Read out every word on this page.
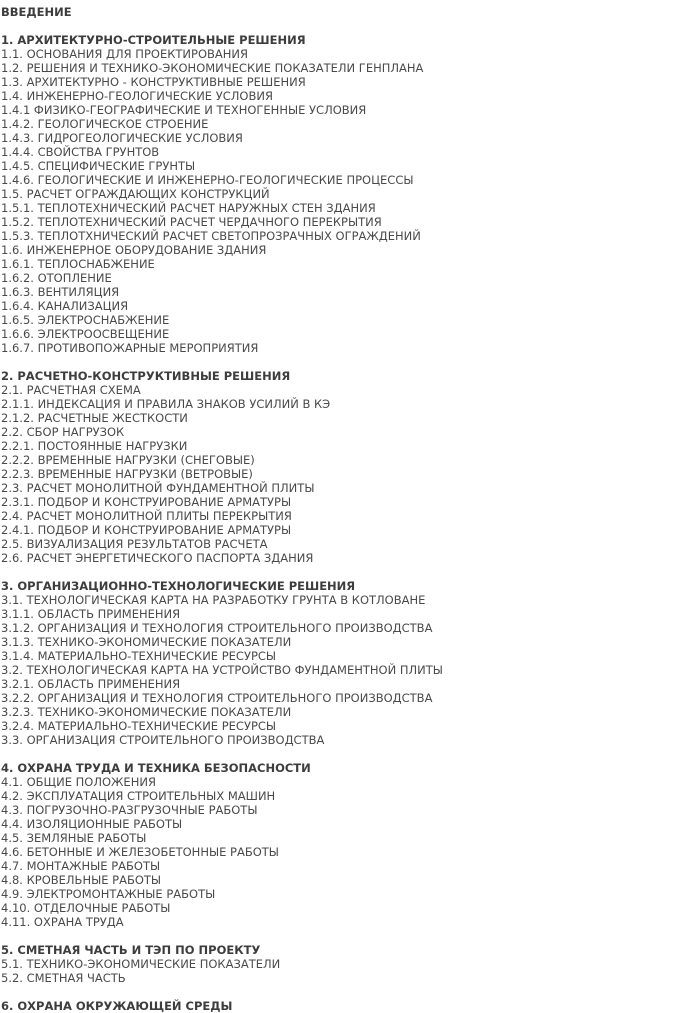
ВВЕДЕНИЕ
1. АРХИТЕКТУРНО-СТРОИТЕЛЬНЫЕ РЕШЕНИЯ
1.1. ОСНОВАНИЯ ДЛЯ ПРОЕКТИРОВАНИЯ
1.2. РЕШЕНИЯ И ТЕХНИКО-ЭКОНОМИЧЕСКИЕ ПОКАЗАТЕЛИ ГЕНПЛАНА
1.3. АРХИТЕКТУРНО - КОНСТРУКТИВНЫЕ РЕШЕНИЯ
1.4. ИНЖЕНЕРНО-ГЕОЛОГИЧЕСКИЕ УСЛОВИЯ
1.4.1 ФИЗИКО-ГЕОГРАФИЧЕСКИЕ И ТЕХНОГЕННЫЕ УСЛОВИЯ
1.4.2. ГЕОЛОГИЧЕСКОЕ СТРОЕНИЕ
1.4.3. ГИДРОГЕОЛОГИЧЕСКИЕ УСЛОВИЯ
1.4.4. СВОЙСТВА ГРУНТОВ
1.4.5. СПЕЦИФИЧЕСКИЕ ГРУНТЫ
1.4.6. ГЕОЛОГИЧЕСКИЕ И ИНЖЕНЕРНО-ГЕОЛОГИЧЕСКИЕ ПРОЦЕССЫ
1.5. РАСЧЕТ ОГРАЖДАЮЩИХ КОНСТРУКЦИЙ
1.5.1. ТЕПЛОТЕХНИЧЕСКИЙ РАСЧЕТ НАРУЖНЫХ СТЕН ЗДАНИЯ
1.5.2. ТЕПЛОТЕХНИЧЕСКИЙ РАСЧЕТ ЧЕРДАЧНОГО ПЕРЕКРЫТИЯ
1.5.3. ТЕПЛОТХНИЧЕСКИЙ РАСЧЕТ СВЕТОПРОЗРАЧНЫХ ОГРАЖДЕНИЙ
1.6. ИНЖЕНЕРНОЕ ОБОРУДОВАНИЕ ЗДАНИЯ
1.6.1. ТЕПЛОСНАБЖЕНИЕ
1.6.2. ОТОПЛЕНИЕ
1.6.3. ВЕНТИЛЯЦИЯ
1.6.4. КАНАЛИЗАЦИЯ
1.6.5. ЭЛЕКТРОСНАБЖЕНИЕ
1.6.6. ЭЛЕКТРООСВЕЩЕНИЕ
1.6.7. ПРОТИВОПОЖАРНЫЕ МЕРОПРИЯТИЯ
2. РАСЧЕТНО-КОНСТРУКТИВНЫЕ РЕШЕНИЯ
2.1. РАСЧЕТНАЯ СХЕМА
2.1.1. ИНДЕКСАЦИЯ И ПРАВИЛА ЗНАКОВ УСИЛИЙ В КЭ
2.1.2. РАСЧЕТНЫЕ ЖЕСТКОСТИ
2.2. СБОР НАГРУЗОК
2.2.1. ПОСТОЯННЫЕ НАГРУЗКИ
2.2.2. ВРЕМЕННЫЕ НАГРУЗКИ (СНЕГОВЫЕ)
2.2.3. ВРЕМЕННЫЕ НАГРУЗКИ (ВЕТРОВЫЕ)
2.3. РАСЧЕТ МОНОЛИТНОЙ ФУНДАМЕНТНОЙ ПЛИТЫ
2.3.1. ПОДБОР И КОНСТРУИРОВАНИЕ АРМАТУРЫ
2.4. РАСЧЕТ МОНОЛИТНОЙ ПЛИТЫ ПЕРЕКРЫТИЯ
2.4.1. ПОДБОР И КОНСТРУИРОВАНИЕ АРМАТУРЫ
2.5. ВИЗУАЛИЗАЦИЯ РЕЗУЛЬТАТОВ РАСЧЕТА
2.6. РАСЧЕТ ЭНЕРГЕТИЧЕСКОГО ПАСПОРТА ЗДАНИЯ
3. ОРГАНИЗАЦИОННО-ТЕХНОЛОГИЧЕСКИЕ РЕШЕНИЯ
3.1. ТЕХНОЛОГИЧЕСКАЯ КАРТА НА РАЗРАБОТКУ ГРУНТА В КОТЛОВАНЕ
3.1.1. ОБЛАСТЬ ПРИМЕНЕНИЯ
3.1.2. ОРГАНИЗАЦИЯ И ТЕХНОЛОГИЯ СТРОИТЕЛЬНОГО ПРОИЗВОДСТВА
3.1.3. ТЕХНИКО-ЭКОНОМИЧЕСКИЕ ПОКАЗАТЕЛИ
3.1.4. МАТЕРИАЛЬНО-ТЕХНИЧЕСКИЕ РЕСУРСЫ
3.2. ТЕХНОЛОГИЧЕСКАЯ КАРТА НА УСТРОЙСТВО ФУНДАМЕНТНОЙ ПЛИТЫ
3.2.1. ОБЛАСТЬ ПРИМЕНЕНИЯ
3.2.2. ОРГАНИЗАЦИЯ И ТЕХНОЛОГИЯ СТРОИТЕЛЬНОГО ПРОИЗВОДСТВА
3.2.3. ТЕХНИКО-ЭКОНОМИЧЕСКИЕ ПОКАЗАТЕЛИ
3.2.4. МАТЕРИАЛЬНО-ТЕХНИЧЕСКИЕ РЕСУРСЫ
3.3. ОРГАНИЗАЦИЯ СТРОИТЕЛЬНОГО ПРОИЗВОДСТВА
4. ОХРАНА ТРУДА И ТЕХНИКА БЕЗОПАСНОСТИ
4.1. ОБЩИЕ ПОЛОЖЕНИЯ
4.2. ЭКСПЛУАТАЦИЯ СТРОИТЕЛЬНЫХ МАШИН
4.3. ПОГРУЗОЧНО-РАЗГРУЗОЧНЫЕ РАБОТЫ
4.4. ИЗОЛЯЦИОННЫЕ РАБОТЫ
4.5. ЗЕМЛЯНЫЕ РАБОТЫ
4.6. БЕТОННЫЕ И ЖЕЛЕЗОБЕТОННЫЕ РАБОТЫ
4.7. МОНТАЖНЫЕ РАБОТЫ
4.8. КРОВЕЛЬНЫЕ РАБОТЫ
4.9. ЭЛЕКТРОМОНТАЖНЫЕ РАБОТЫ
4.10. ОТДЕЛОЧНЫЕ РАБОТЫ
4.11. ОХРАНА ТРУДА
5. СМЕТНАЯ ЧАСТЬ И ТЭП ПО ПРОЕКТУ
5.1. ТЕХНИКО-ЭКОНОМИЧЕСКИЕ ПОКАЗАТЕЛИ
5.2. СМЕТНАЯ ЧАСТЬ
6. ОХРАНА ОКРУЖАЮЩЕЙ СРЕДЫ
